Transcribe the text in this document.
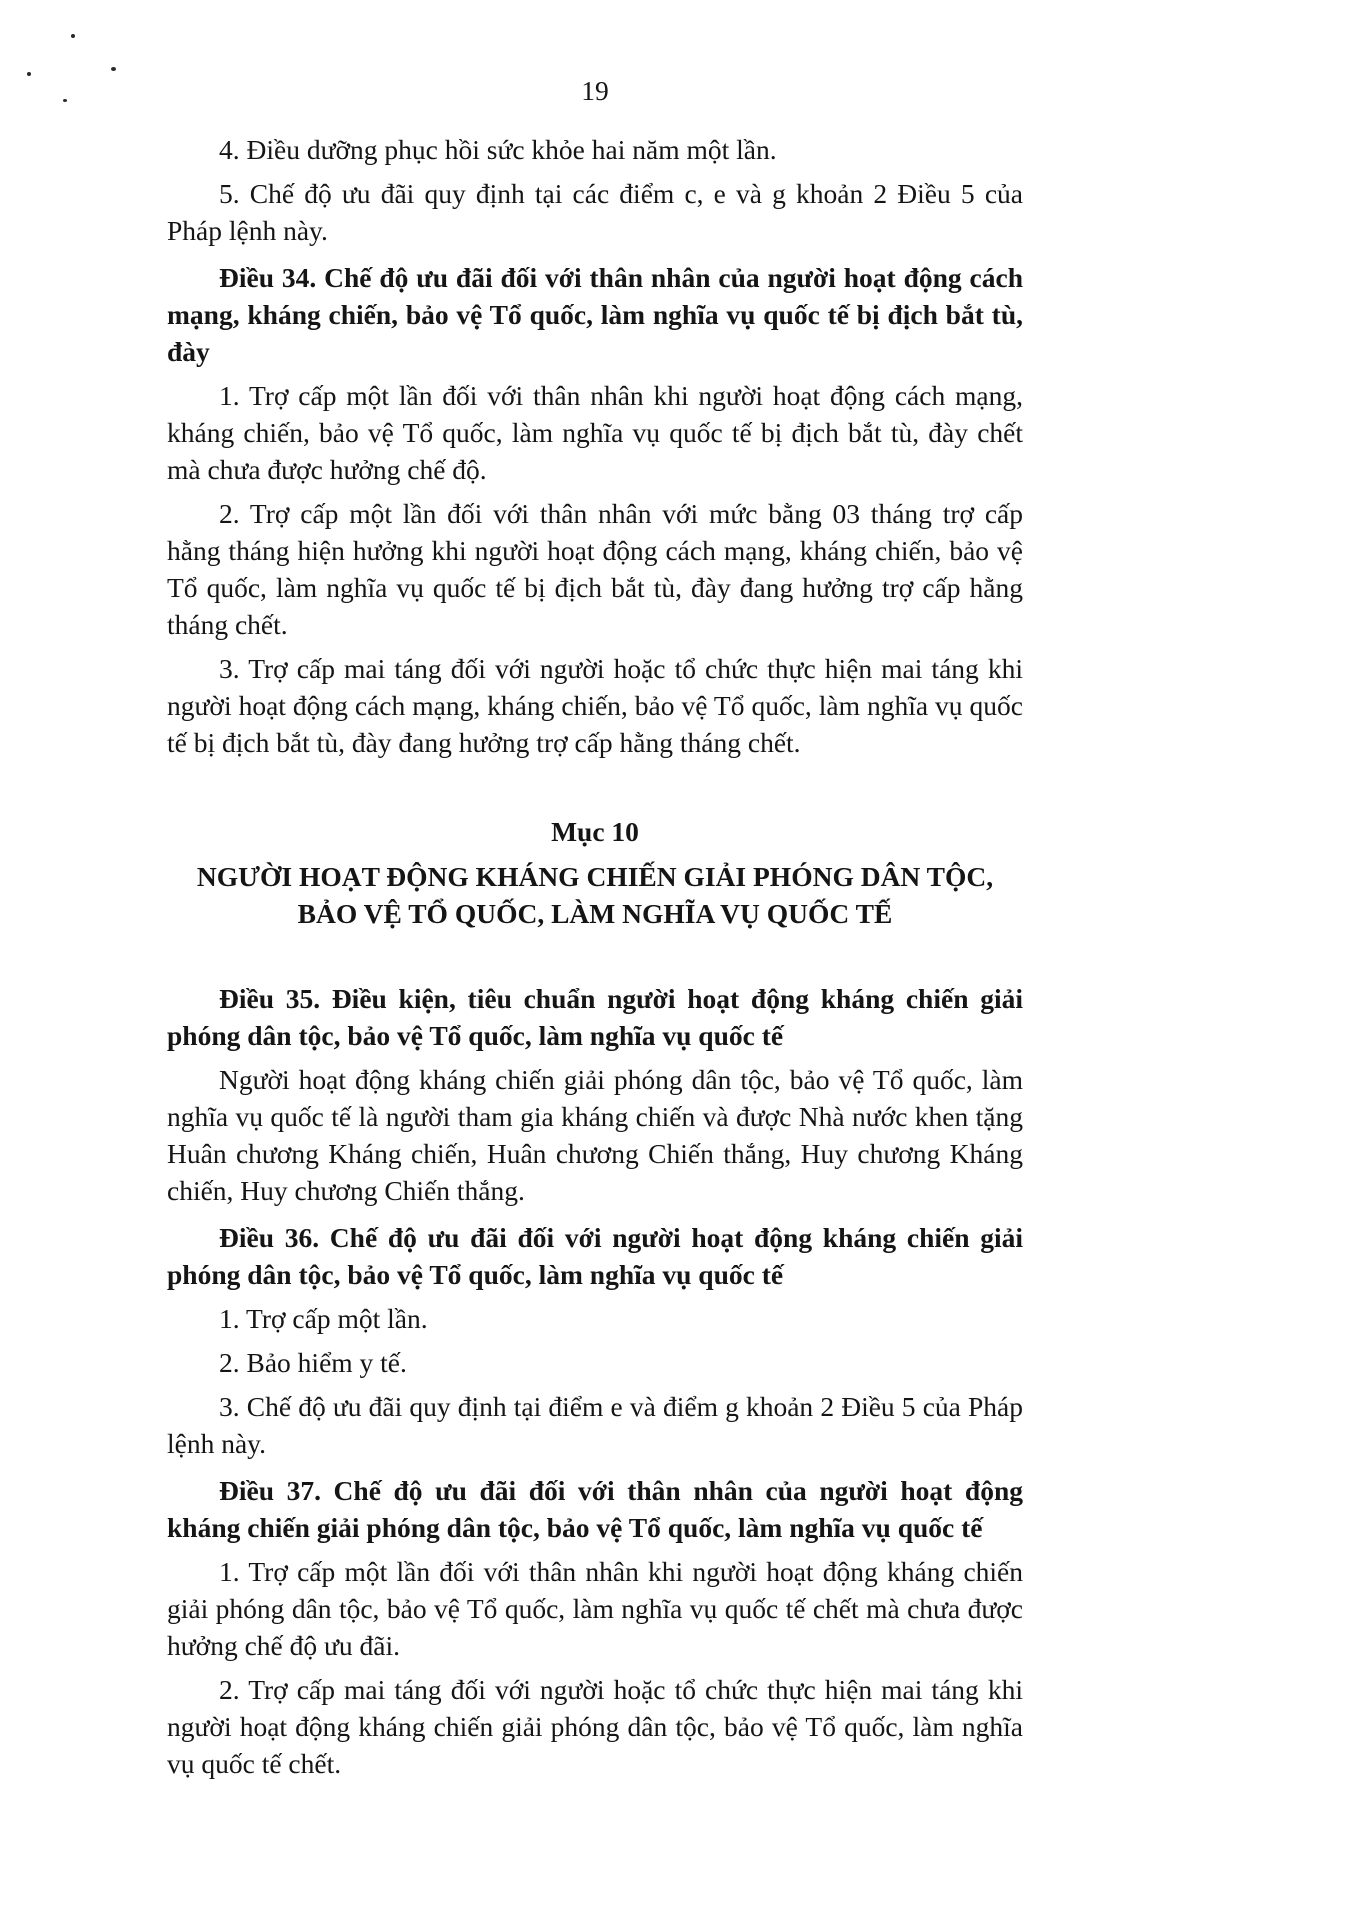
19

4. Điều dưỡng phục hồi sức khỏe hai năm một lần.

5. Chế độ ưu đãi quy định tại các điểm c, e và g khoản 2 Điều 5 của Pháp lệnh này.

Điều 34. Chế độ ưu đãi đối với thân nhân của người hoạt động cách mạng, kháng chiến, bảo vệ Tổ quốc, làm nghĩa vụ quốc tế bị địch bắt tù, đày

1. Trợ cấp một lần đối với thân nhân khi người hoạt động cách mạng, kháng chiến, bảo vệ Tổ quốc, làm nghĩa vụ quốc tế bị địch bắt tù, đày chết mà chưa được hưởng chế độ.

2. Trợ cấp một lần đối với thân nhân với mức bằng 03 tháng trợ cấp hằng tháng hiện hưởng khi người hoạt động cách mạng, kháng chiến, bảo vệ Tổ quốc, làm nghĩa vụ quốc tế bị địch bắt tù, đày đang hưởng trợ cấp hằng tháng chết.

3. Trợ cấp mai táng đối với người hoặc tổ chức thực hiện mai táng khi người hoạt động cách mạng, kháng chiến, bảo vệ Tổ quốc, làm nghĩa vụ quốc tế bị địch bắt tù, đày đang hưởng trợ cấp hằng tháng chết.

Mục 10

NGƯỜI HOẠT ĐỘNG KHÁNG CHIẾN GIẢI PHÓNG DÂN TỘC, BẢO VỆ TỔ QUỐC, LÀM NGHĨA VỤ QUỐC TẾ

Điều 35. Điều kiện, tiêu chuẩn người hoạt động kháng chiến giải phóng dân tộc, bảo vệ Tổ quốc, làm nghĩa vụ quốc tế

Người hoạt động kháng chiến giải phóng dân tộc, bảo vệ Tổ quốc, làm nghĩa vụ quốc tế là người tham gia kháng chiến và được Nhà nước khen tặng Huân chương Kháng chiến, Huân chương Chiến thắng, Huy chương Kháng chiến, Huy chương Chiến thắng.

Điều 36. Chế độ ưu đãi đối với người hoạt động kháng chiến giải phóng dân tộc, bảo vệ Tổ quốc, làm nghĩa vụ quốc tế

1. Trợ cấp một lần.

2. Bảo hiểm y tế.

3. Chế độ ưu đãi quy định tại điểm e và điểm g khoản 2 Điều 5 của Pháp lệnh này.

Điều 37. Chế độ ưu đãi đối với thân nhân của người hoạt động kháng chiến giải phóng dân tộc, bảo vệ Tổ quốc, làm nghĩa vụ quốc tế

1. Trợ cấp một lần đối với thân nhân khi người hoạt động kháng chiến giải phóng dân tộc, bảo vệ Tổ quốc, làm nghĩa vụ quốc tế chết mà chưa được hưởng chế độ ưu đãi.

2. Trợ cấp mai táng đối với người hoặc tổ chức thực hiện mai táng khi người hoạt động kháng chiến giải phóng dân tộc, bảo vệ Tổ quốc, làm nghĩa vụ quốc tế chết.
